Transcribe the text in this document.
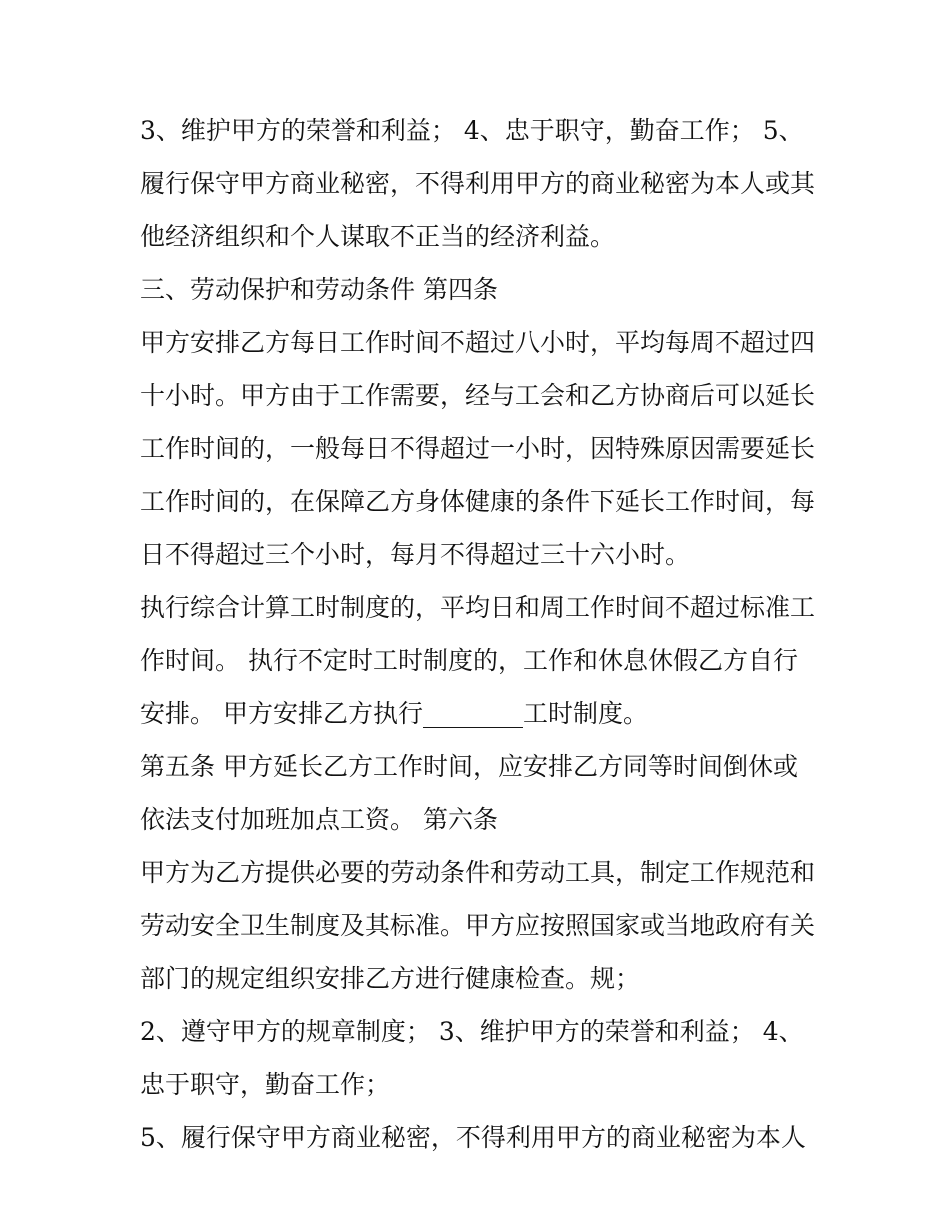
3、维护甲方的荣誉和利益； 4、忠于职守，勤奋工作； 5、履行保守甲方商业秘密，不得利用甲方的商业秘密为本人或其他经济组织和个人谋取不正当的经济利益。

三、劳动保护和劳动条件 第四条

甲方安排乙方每日工作时间不超过八小时，平均每周不超过四十小时。甲方由于工作需要，经与工会和乙方协商后可以延长工作时间的，一般每日不得超过一小时，因特殊原因需要延长工作时间的，在保障乙方身体健康的条件下延长工作时间，每日不得超过三个小时，每月不得超过三十六小时。

执行综合计算工时制度的，平均日和周工作时间不超过标准工作时间。 执行不定时工时制度的，工作和休息休假乙方自行安排。 甲方安排乙方执行________工时制度。

第五条 甲方延长乙方工作时间，应安排乙方同等时间倒休或依法支付加班加点工资。 第六条

甲方为乙方提供必要的劳动条件和劳动工具，制定工作规范和劳动安全卫生制度及其标准。甲方应按照国家或当地政府有关部门的规定组织安排乙方进行健康检查。规；

2、遵守甲方的规章制度； 3、维护甲方的荣誉和利益； 4、忠于职守，勤奋工作；

5、履行保守甲方商业秘密，不得利用甲方的商业秘密为本人
